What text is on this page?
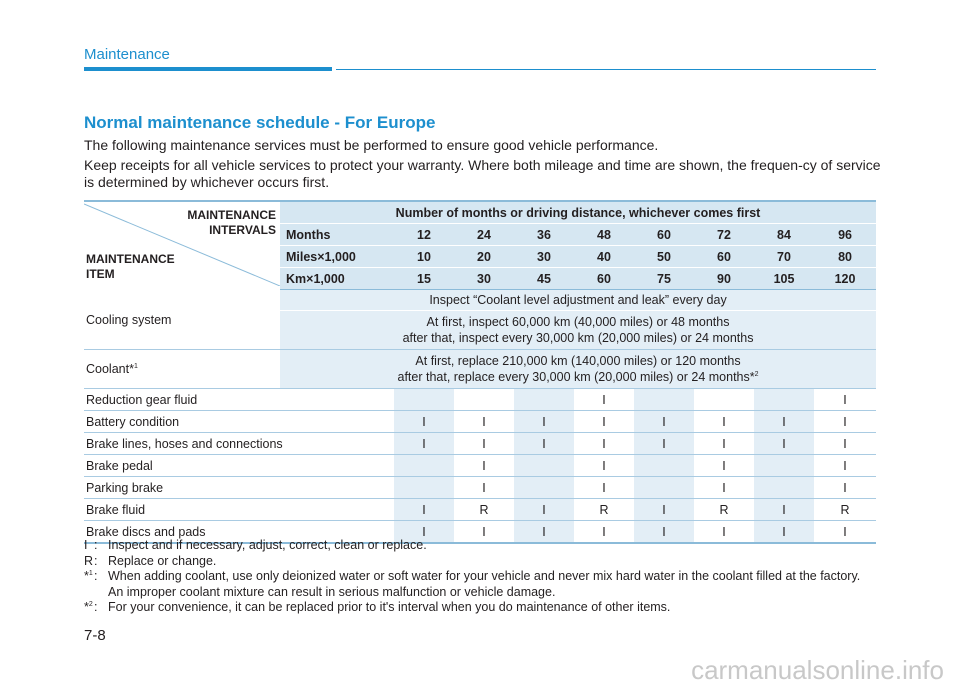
Maintenance
Normal maintenance schedule - For Europe
The following maintenance services must be performed to ensure good vehicle performance.
Keep receipts for all vehicle services to protect your warranty. Where both mileage and time are shown, the frequen-cy of service is determined by whichever occurs first.
MAINTENANCE
INTERVALS
MAINTENANCE
ITEM	Number of months or driving distance, whichever comes first								
	Months	12	24	36	48	60	72	84	96
	Miles×1,000	10	20	30	40	50	60	70	80
	Km×1,000	15	30	45	60	75	90	105	120
Cooling system	Inspect “Coolant level adjustment and leak” every day								

	At first, inspect 60,000 km (40,000 miles) or 48 months
after that, inspect every 30,000 km (20,000 miles) or 24 months								

Coolant*$^1$	At first, replace 210,000 km (140,000 miles) or 120 months
after that, replace every 30,000 km (20,000 miles) or 24 months*$^2$

Reduction gear fluid					I				I
Battery condition		I	I	I	I	I	I	I	I
Brake lines, hoses and connections		I	I	I	I	I	I	I	I
Brake pedal			I		I		I		I
Parking brake			I		I		I		I
Brake fluid		I	R	I	R	I	R	I	R
Brake discs and pads		I	I	I	I	I	I	I	I
I : Inspect and if necessary, adjust, correct, clean or replace.
R : Replace or change.
*$^1$ : When adding coolant, use only deionized water or soft water for your vehicle and never mix hard water in the coolant filled at the factory. An improper coolant mixture can result in serious malfunction or vehicle damage.
*$^2$ : For your convenience, it can be replaced prior to it's interval when you do maintenance of other items.
7-8
carmanualsonline.info
